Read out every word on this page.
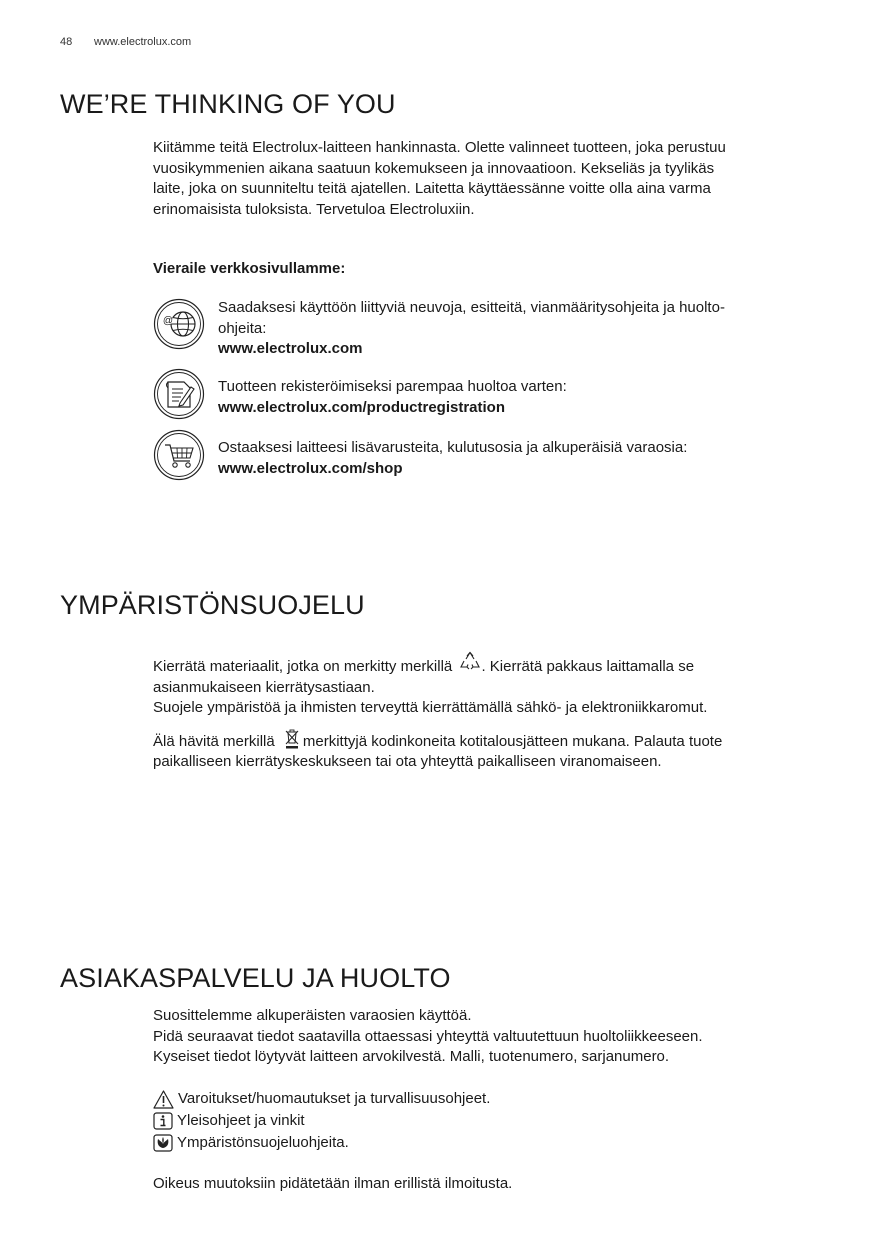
48 www.electrolux.com
WE’RE THINKING OF YOU
Kiitämme teitä Electrolux-laitteen hankinnasta. Olette valinneet tuotteen, joka perustuu
vuosikymmenien aikana saatuun kokemukseen ja innovaatioon. Kekseliäs ja tyylikäs
laite, joka on suunniteltu teitä ajatellen. Laitetta käyttäessänne voitte olla aina varma
erinomaisista tuloksista. Tervetuloa Electroluxiin.
Vieraile verkkosivullamme:
@
Saadaksesi käyttöön liittyviä neuvoja, esitteitä, vianmääritysohjeita ja huolto-
ohjeita:
www.electrolux.com
Tuotteen rekisteröimiseksi parempaa huoltoa varten:
www.electrolux.com/productregistration
Ostaaksesi laitteesi lisävarusteita, kulutusosia ja alkuperäisiä varaosia:
www.electrolux.com/shop
YMPÄRISTÖNSUOJELU
Kierrätä materiaalit, jotka on merkitty merkillä . Kierrätä pakkaus laittamalla se
asianmukaiseen kierrätysastiaan.
Suojele ympäristöä ja ihmisten terveyttä kierrättämällä sähkö- ja elektroniikkaromut.
Älä hävitä merkillä merkittyjä kodinkoneita kotitalousjätteen mukana. Palauta tuote
paikalliseen kierrätyskeskukseen tai ota yhteyttä paikalliseen viranomaiseen.
ASIAKASPALVELU JA HUOLTO
Suosittelemme alkuperäisten varaosien käyttöä.
Pidä seuraavat tiedot saatavilla ottaessasi yhteyttä valtuutettuun huoltoliikkeeseen.
Kyseiset tiedot löytyvät laitteen arvokilvestä. Malli, tuotenumero, sarjanumero.
Varoitukset/huomautukset ja turvallisuusohjeet.
Yleisohjeet ja vinkit
Ympäristönsuojeluohjeita.
Oikeus muutoksiin pidätetään ilman erillistä ilmoitusta.
